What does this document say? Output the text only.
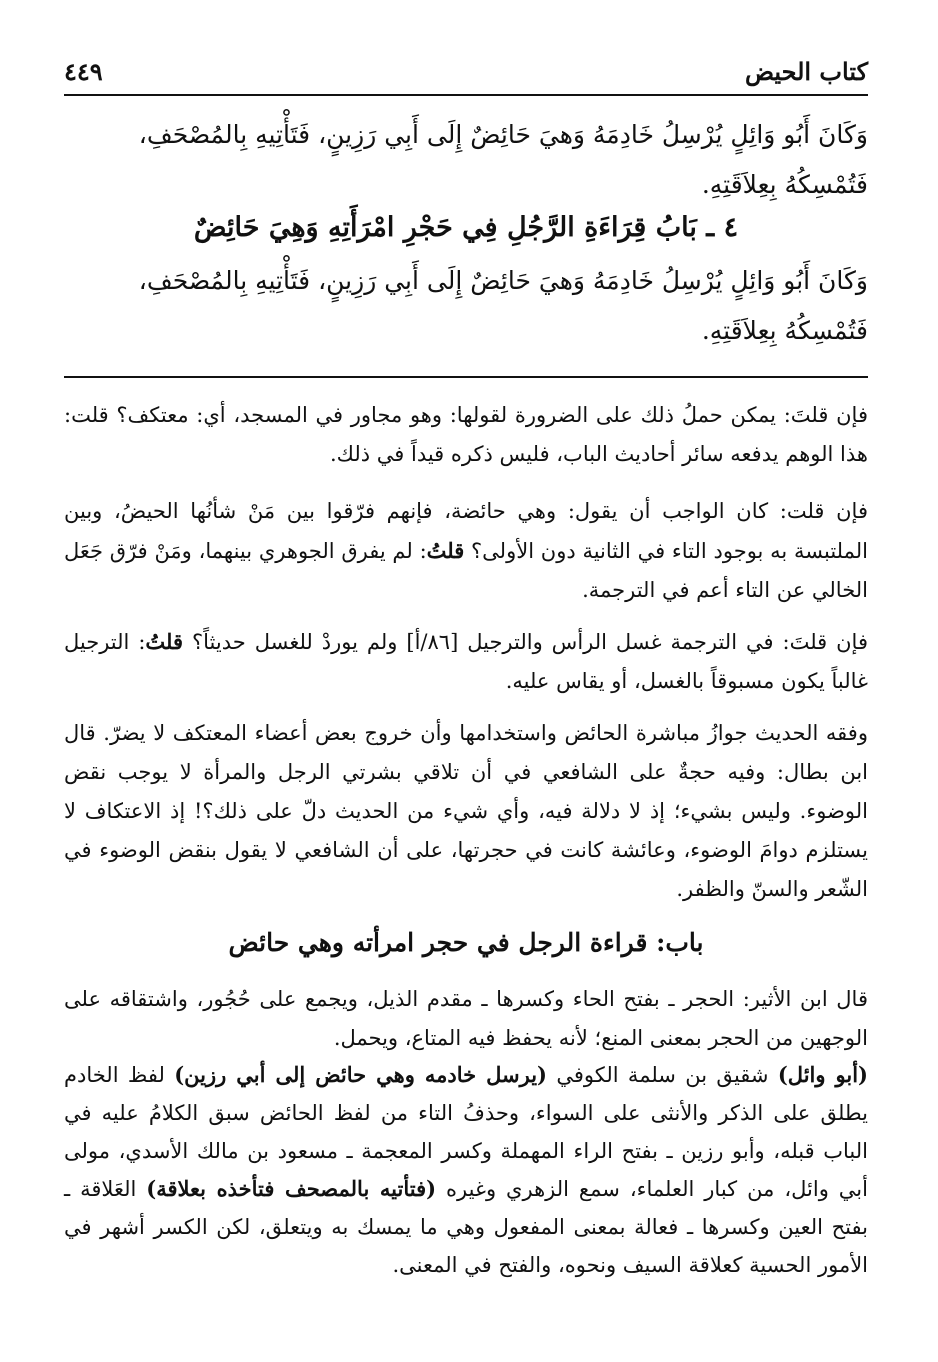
٤٤٩	كتاب الحيض
وَكَانَ أَبُو وَائِلٍ يُرْسِلُ خَادِمَهُ وَهيَ حَائِضٌ إِلَى أَبِي رَزِينٍ، فَتَأْتِيهِ بِالمُصْحَفِ،
فَتُمْسِكُهُ بِعِلاَقَتِهِ.
٤ ـ بَابُ قِرَاءَةِ الرَّجُلِ فِي حَجْرِ امْرَأَتِهِ وَهِيَ حَائِضٌ
وَكَانَ أَبُو وَائِلٍ يُرْسِلُ خَادِمَهُ وَهيَ حَائِضٌ إِلَى أَبِي رَزِينٍ، فَتَأْتِيهِ بِالمُصْحَفِ،
فَتُمْسِكُهُ بِعِلاَقَتِهِ.
فإن قلتَ: يمكن حملُ ذلك على الضرورة لقولها: وهو مجاور في المسجد، أي: معتكف؟ قلت: هذا الوهم يدفعه سائر أحاديث الباب، فليس ذكره قيداً في ذلك.
فإن قلت: كان الواجب أن يقول: وهي حائضة، فإنهم فرّقوا بين مَنْ شأنُها الحيضُ، وبين الملتبسة به بوجود التاء في الثانية دون الأولى؟ قلتُ: لم يفرق الجوهري بينهما، ومَنْ فرّق جَعَل الخالي عن التاء أعم في الترجمة.
فإن قلتَ: في الترجمة غسل الرأس والترجيل [٨٦/أ] ولم يوردْ للغسل حديثاً؟ قلتُ: الترجيل غالباً يكون مسبوقاً بالغسل، أو يقاس عليه.
وفقه الحديث جوازُ مباشرة الحائض واستخدامها وأن خروج بعض أعضاء المعتكف لا يضرّ. قال ابن بطال: وفيه حجةٌ على الشافعي في أن تلاقي بشرتي الرجل والمرأة لا يوجب نقض الوضوء. وليس بشيء؛ إذ لا دلالة فيه، وأي شيء من الحديث دلّ على ذلك؟! إذ الاعتكاف لا يستلزم دوامَ الوضوء، وعائشة كانت في حجرتها، على أن الشافعي لا يقول بنقض الوضوء في الشّعر والسنّ والظفر.
باب: قراءة الرجل في حجر امرأته وهي حائض
قال ابن الأثير: الحجر ـ بفتح الحاء وكسرها ـ مقدم الذيل، ويجمع على حُجُور، واشتقاقه على الوجهين من الحجر بمعنى المنع؛ لأنه يحفظ فيه المتاع، ويحمل.
(أبو وائل) شقيق بن سلمة الكوفي (يرسل خادمه وهي حائض إلى أبي رزين) لفظ الخادم يطلق على الذكر والأنثى على السواء، وحذفُ التاء من لفظ الحائض سبق الكلامُ عليه في الباب قبله، وأبو رزين ـ بفتح الراء المهملة وكسر المعجمة ـ مسعود بن مالك الأسدي، مولى أبي وائل، من كبار العلماء، سمع الزهري وغيره (فتأتيه بالمصحف فتأخذه بعلاقة) العَلاقة ـ بفتح العين وكسرها ـ فعالة بمعنى المفعول وهي ما يمسك به ويتعلق، لكن الكسر أشهر في الأمور الحسية كعلاقة السيف ونحوه، والفتح في المعنى.
